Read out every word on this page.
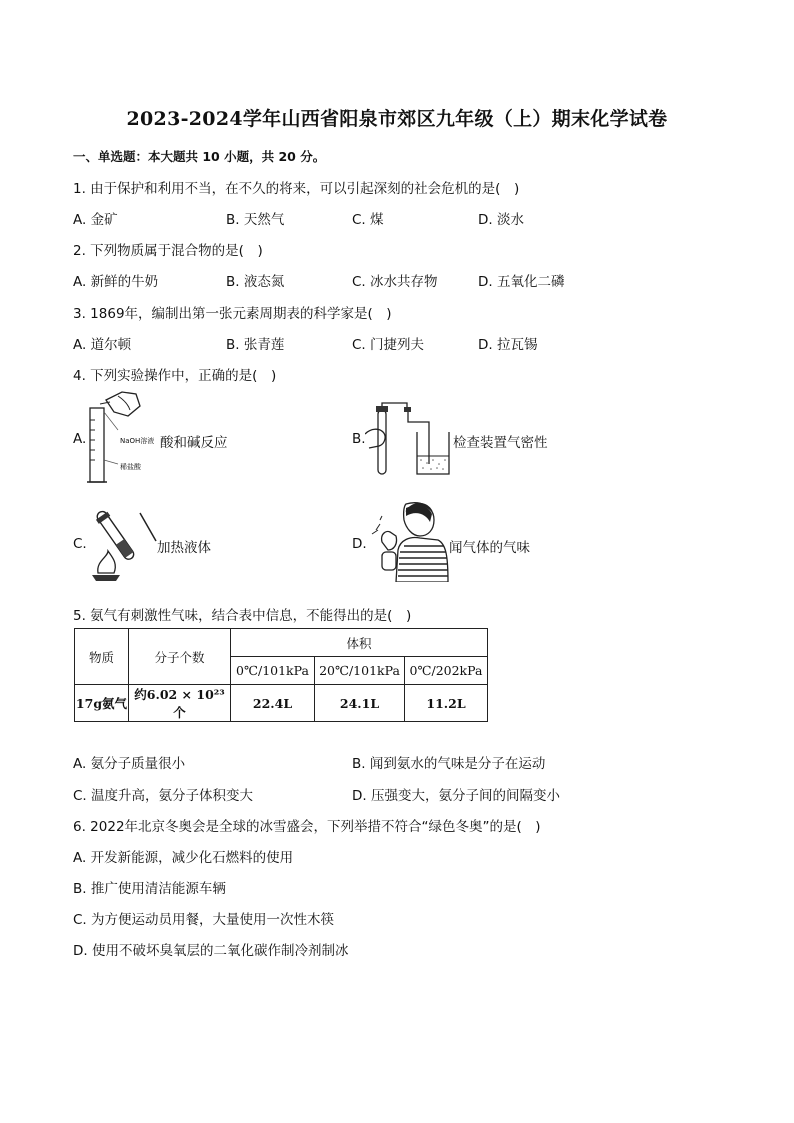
2023-2024学年山西省阳泉市郊区九年级（上）期末化学试卷
一、单选题：本大题共 10 小题，共 20 分。
1. 由于保护和利用不当，在不久的将来，可以引起深刻的社会危机的是(　)
A. 金矿	B. 天然气	C. 煤	D. 淡水
2. 下列物质属于混合物的是(　)
A. 新鲜的牛奶	B. 液态氮	C. 冰水共存物	D. 五氧化二磷
3. 1869年，编制出第一张元素周期表的科学家是(　)
A. 道尔顿	B. 张青莲	C. 门捷列夫	D. 拉瓦锡
4. 下列实验操作中，正确的是(　)
A.	NaOH溶液
稀盐酸
酸和碱反应	B.	检查装置气密性
C.	加热液体	D.	闻气体的气味
5. 氨气有刺激性气味，结合表中信息，不能得出的是(　)
物质	分子个数	体积		
		0℃/101kPa	20℃/101kPa	0℃/202kPa
17g氨气	约6.02 × 10²³个	22.4L	24.1L	11.2L
A. 氨分子质量很小	B. 闻到氨水的气味是分子在运动
C. 温度升高，氨分子体积变大	D. 压强变大，氨分子间的间隔变小
6. 2022年北京冬奥会是全球的冰雪盛会，下列举措不符合“绿色冬奥”的是(　)
A. 开发新能源，减少化石燃料的使用
B. 推广使用清洁能源车辆
C. 为方便运动员用餐，大量使用一次性木筷
D. 使用不破坏臭氧层的二氧化碳作制冷剂制冰
